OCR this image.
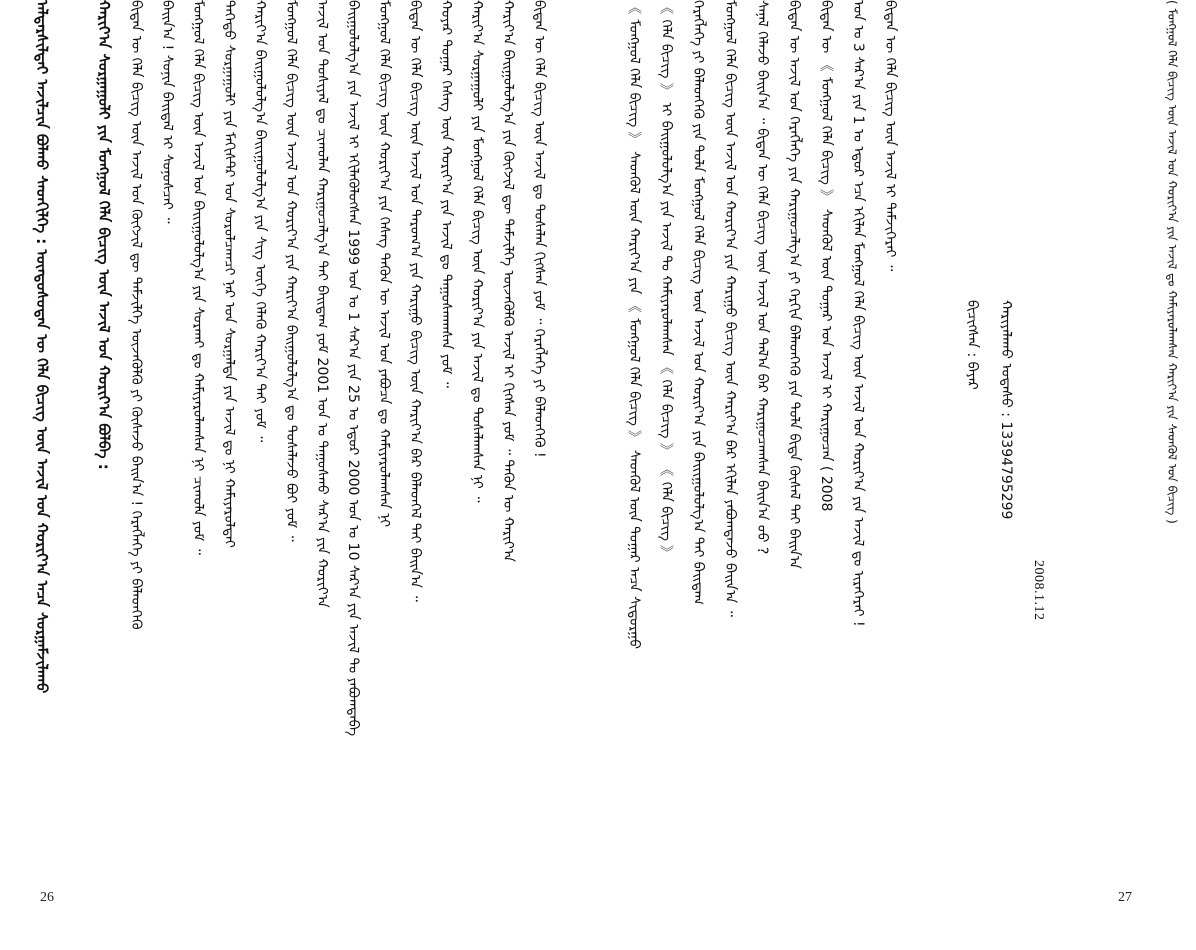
ᠠᠯᠳᠠᠷᠰᠢᠯᠲᠠᠢ ᠠᠵᠢᠯᠴᠢᠨ ᠪᠣᠯᠬᠤ ᠰᠡᠳᠬᠢᠯᠭᠡ : ᠦᠨᠳᠦᠰᠦᠲᠡᠨ ᠦ ᠬᠡᠯᠡ ᠪᠢᠴᠢᠭ ᠦᠨ ᠠᠵᠢᠯ ᠤᠨ ᠬᠣᠷᠢᠶ᠎ᠠ ᠠᠴᠠ ᠰᠤᠷᠭᠠᠮᠵᠢᠯᠠᠬᠤ	ᠬᠠᠷᠢᠶ᠎ᠠ ᠰᠤᠷᠭᠠᠭᠤᠯᠢ ᠶᠢᠨ ᠮᠣᠩᠭᠣᠯ ᠬᠡᠯᠡ ᠪᠢᠴᠢᠭ ᠦᠨ ᠠᠵᠢᠯ ᠤᠨ ᠬᠣᠷᠢᠶ᠎ᠠ ᠪᠣᠯᠪᠠ : ᠪᠢᠳᠡᠨ ᠦ ᠬᠡᠯᠡ ᠪᠢᠴᠢᠭ ᠦᠨ ᠠᠵᠢᠯ ᠤᠨ ᠬᠥᠭᠵᠢᠯ ᠳᠦ ᠳᠡᠮᠵᠢᠯᠭᠡ ᠦᠵᠡᠭᠦᠯᠬᠦ ᠶᠢ ᠬᠦᠰᠡᠵᠦ ᠪᠠᠢᠨ᠎ᠠ ! ᠬᠡᠷᠡᠭᠯᠡᠭᠡ ᠶᠢ ᠪᠡᠯᠡᠳᠬᠡᠬᠦ ᠪᠠᠢᠨ᠎ᠠ ! ᠰᠣᠨᠢᠨ ᠪᠠᠢᠳᠠᠯ ᠢ ᠰᠣᠨᠤᠰᠴᠠᠢ ᠃ ᠮᠣᠩᠭᠣᠯ ᠬᠡᠯᠡ ᠪᠢᠴᠢᠭ ᠦᠨ ᠠᠵᠢᠯ ᠤᠨ ᠪᠠᠢᠢᠭᠤᠯᠤᠯᠭ᠎ᠠ ᠶᠢᠨ ᠰᠤᠷᠬᠠᠢ ᠳᠤ ᠬᠠᠮᠢᠶᠠᠷᠤᠯᠠᠭᠰᠠᠨ ᠨᠢ ᠴᠢᠬᠤᠯᠠ ᠶᠤᠮ ᠃ ᠳᠡᠭᠡᠳᠦ ᠰᠤᠷᠭᠠᠭᠤᠯᠢ ᠶᠢᠨ ᠮᠠᠭᠢᠰᠲ᠋ᠷ ᠤᠨ ᠰᠤᠷᠤᠯᠴᠠᠭᠴᠢ ᠨᠠᠷ ᠤᠨ ᠰᠤᠷᠭᠠᠯᠳᠠ ᠶᠢᠨ ᠠᠵᠢᠯ ᠳᠤ ᠨᠢ ᠬᠠᠮᠢᠶᠠᠷᠤᠯᠲᠠᠢ ᠬᠠᠷᠢᠶ᠎ᠠ ᠪᠠᠢᠭᠤᠯᠤᠯᠭ᠎ᠠ ᠪᠠᠢᠢᠭᠤᠯᠤᠯᠭ᠎ᠠ ᠶᠢᠨ ᠰᠢᠭ ᠦᠭᠡ ᠬᠡᠯᠡᠬᠦ ᠬᠠᠷᠢᠶ᠎ᠠ ᠲᠠᠢ ᠶᠤᠮ ᠃ ᠮᠣᠩᠭᠣᠯ ᠬᠡᠯᠡ ᠪᠢᠴᠢᠭ ᠦᠨ ᠠᠵᠢᠯ ᠤᠨ ᠬᠣᠷᠢᠶ᠎ᠠ ᠶᠢᠨ ᠬᠠᠷᠢᠶ᠎ᠠ ᠪᠠᠢᠭᠤᠯᠤᠯᠭ᠎ᠠ ᠳᠤ ᠲᠤᠰᠠᠯᠠᠵᠤ ᠪᠣᠢ ᠶᠤᠮ ᠃ ᠠᠵᠢᠯ ᠤᠨ ᠲᠤᠰᠢᠶᠠᠯ ᠳᠤ ᠴᠢᠬᠤᠯᠠᠨ ᠬᠠᠷᠢᠭᠤᠴᠠᠯᠭ᠎ᠠ ᠲᠠᠢ ᠪᠠᠢᠳᠠᠭ ᠶᠤᠮ 2001 ᠣᠨ ᠤ ᠳᠠᠭᠤᠰᠬᠤ ᠰᠠᠷ᠎ᠠ ᠶᠢᠨ ᠬᠣᠷᠢᠶ᠎ᠠ ᠪᠠᠢᠭᠤᠯᠤᠯᠭ᠎ᠠ ᠶᠢᠨ ᠠᠵᠢᠯ ᠢ ᠡᠬᠢᠯᠡᠭᠦᠯᠦᠭᠰᠡᠨ 1999 ᠣᠨ ᠤ 1 ᠰᠠᠷ᠎ᠠ ᠶᠢᠨ 25 ᠤ ᠡᠳᠦᠷ 2000 ᠣᠨ ᠤ 10 ᠰᠠᠷ᠎ᠠ ᠶᠢᠨ ᠠᠵᠢᠯ ᠲᠤ ᠶᠠᠪᠤᠭᠳᠠᠪᠠ ᠮᠣᠩᠭᠣᠯ ᠬᠡᠯᠡ ᠪᠢᠴᠢᠭ ᠦᠨ ᠬᠣᠷᠢᠶ᠎ᠠ ᠶᠢᠨ ᠬᠡᠰᠡᠭ ᠲᠡᠭᠦᠨ ᠦ ᠠᠵᠢᠯ ᠤᠨ ᠶᠠᠪᠤᠴᠠ ᠳᠤ ᠬᠠᠮᠢᠶᠠᠷᠤᠯᠠᠭᠰᠠᠨ ᠨᠢ ᠪᠢᠳᠡᠨ ᠦ ᠬᠡᠯᠡ ᠪᠢᠴᠢᠭ ᠦᠨ ᠠᠵᠢᠯ ᠤᠨ ᠳᠠᠷᠤᠭ᠎ᠠ ᠶᠢᠨ ᠬᠠᠷᠢᠭᠤ ᠪᠢᠴᠢᠭ ᠦᠨ ᠬᠠᠷᠢᠶ᠎ᠠ ᠪᠡᠷ ᠪᠡᠯᠡᠳᠬᠡᠯ ᠲᠡᠢ ᠪᠠᠢᠨ᠎ᠠ ᠃ ᠬᠣᠶᠠᠷ ᠳᠤᠭᠠᠷ ᠬᠡᠰᠡᠭ ᠦᠨ ᠬᠣᠷᠢᠶ᠎ᠠ ᠶᠢᠨ ᠠᠵᠢᠯ ᠳᠤ ᠳᠠᠭᠤᠰᠬᠠᠭᠰᠠᠨ ᠶᠤᠮ ᠃ ᠬᠠᠷᠢᠶ᠎ᠠ ᠰᠤᠷᠭᠠᠭᠤᠯᠢ ᠶᠢᠨ ᠮᠣᠩᠭᠣᠯ ᠬᠡᠯᠡ ᠪᠢᠴᠢᠭ ᠦᠨ ᠬᠣᠷᠢᠶ᠎ᠠ ᠶᠢᠨ ᠠᠵᠢᠯ ᠳᠤ ᠲᠤᠰᠠᠯᠠᠭᠰᠠᠨ ᠨᠢ ᠃ ᠬᠠᠷᠢᠶ᠎ᠠ ᠪᠠᠢᠭᠤᠯᠤᠯᠭ᠎ᠠ ᠶᠢᠨ ᠬᠥᠭᠵᠢᠯ ᠳᠦ ᠳᠡᠮᠵᠢᠯᠭᠡ ᠦᠵᠡᠭᠦᠯᠬᠦ ᠠᠵᠢᠯ ᠢ ᠬᠢᠭᠰᠡᠨ ᠶᠤᠮ ᠃ ᠲᠡᠭᠦᠨ ᠦ ᠬᠠᠷᠢᠶ᠎ᠠ ᠪᠢᠳᠡᠨ ᠦ ᠬᠡᠯᠡ ᠪᠢᠴᠢᠭ ᠦᠨ ᠠᠵᠢᠯ ᠳᠤ ᠲᠤᠰᠠᠯᠠᠨ ᠬᠢᠭᠰᠡᠨ ᠶᠤᠮ ᠃ ᠬᠡᠷᠡᠭᠯᠡᠭᠡ ᠶᠢ ᠪᠡᠯᠡᠳᠬᠡᠬᠦ !
26
《 ᠮᠣᠩᠭᠣᠯ ᠬᠡᠯᠡ ᠪᠢᠴᠢᠭ 》 ᠰᠡᠳᠬᠦᠯ ᠦᠨ ᠬᠠᠷᠢᠶ᠎ᠠ ᠶᠢᠨ 《 ᠮᠣᠩᠭᠣᠯ ᠬᠡᠯᠡ ᠪᠢᠴᠢᠭ 》 ᠰᠡᠳᠬᠦᠯ ᠦᠨ ᠳᠤᠭᠠᠷ ᠠᠴᠠ ᠰᠢᠳᠤᠷᠭᠤ 《 ᠬᠡᠯᠡ ᠪᠢᠴᠢᠭ 》 ᠢ ᠪᠠᠢᠭᠤᠯᠤᠯᠭ᠎ᠠ ᠶᠢᠨ ᠠᠵᠢᠯ ᠲᠤ ᠬᠠᠮᠢᠶᠠᠷᠤᠯᠠᠭᠰᠠᠨ 《 ᠬᠡᠯᠡ ᠪᠢᠴᠢᠭ 》 《 ᠬᠡᠯᠡ ᠪᠢᠴᠢᠭ 》 ᠬᠡᠷᠡᠭᠯᠡᠭᠡ ᠶᠢ ᠪᠡᠯᠡᠳᠬᠡᠬᠦ ᠶᠢᠨ ᠲᠤᠯᠠ ᠮᠣᠩᠭᠣᠯ ᠬᠡᠯᠡ ᠪᠢᠴᠢᠭ ᠦᠨ ᠠᠵᠢᠯ ᠤᠨ ᠬᠣᠷᠢᠶ᠎ᠠ ᠶᠢᠨ ᠪᠠᠢᠢᠭᠤᠯᠤᠯᠭ᠎ᠠ ᠲᠠᠢ ᠪᠠᠢᠳᠠᠭ ᠮᠣᠩᠭᠣᠯ ᠬᠡᠯᠡ ᠪᠢᠴᠢᠭ ᠦᠨ ᠠᠵᠢᠯ ᠤᠨ ᠬᠣᠷᠢᠶ᠎ᠠ ᠶᠢᠨ ᠬᠠᠷᠢᠭᠤ ᠪᠢᠴᠢᠭ ᠦᠨ ᠬᠠᠷᠢᠶ᠎ᠠ ᠪᠡᠷ ᠡᠬᠢᠯᠡᠨ ᠶᠠᠪᠤᠭᠳᠠᠵᠤ ᠪᠠᠢᠨ᠎ᠠ ᠃ ᠰᠠᠨᠠᠯ ᠬᠡᠯᠡᠵᠦ ᠪᠠᠢᠨ᠎ᠠ ᠃ ᠪᠢᠳᠡᠨ ᠦ ᠬᠡᠯᠡ ᠪᠢᠴᠢᠭ ᠦᠨ ᠠᠵᠢᠯ ᠤᠨ ᠲᠠᠯ᠎ᠠ ᠪᠠᠷ ᠬᠠᠷᠢᠭᠤᠴᠠᠭᠰᠠᠨ ᠪᠠᠢᠨ᠎ᠠ ᠤᠤ ? ᠪᠢᠳᠡᠨ ᠦ ᠠᠵᠢᠯ ᠤᠨ ᠬᠡᠷᠡᠭᠯᠡᠭᠡ ᠶᠢᠨ ᠬᠠᠷᠢᠭᠤᠴᠠᠯᠭ᠎ᠠ ᠶᠢ ᠬᠡᠷᠬᠢᠨ ᠪᠡᠯᠡᠳᠬᠡᠬᠦ ᠶᠢᠨ ᠲᠤᠯᠠ ᠪᠢᠳᠡ ᠬᠦᠰᠡᠯ ᠲᠡᠢ ᠪᠠᠢᠨ᠎ᠠ ᠪᠢᠳᠡᠨ ᠦ 《 ᠮᠣᠩᠭᠣᠯ ᠬᠡᠯᠡ ᠪᠢᠴᠢᠭ 》 ᠰᠡᠳᠬᠦᠯ ᠦᠨ ᠳᠤᠭᠠᠷ ᠤᠨ ᠠᠵᠢᠯ ᠢ ᠬᠠᠷᠢᠭᠤᠴᠠᠨ ( 2008 ᠣᠨ ᠤ 3 ᠰᠠᠷ᠎ᠠ ᠶᠢᠨ 1 ᠤ ᠡᠳᠦᠷ ᠡᠴᠡ ᠡᠬᠢᠯᠡᠨ ᠮᠣᠩᠭᠣᠯ ᠬᠡᠯᠡ ᠪᠢᠴᠢᠭ ᠦᠨ ᠠᠵᠢᠯ ᠤᠨ ᠬᠣᠷᠢᠶ᠎ᠠ ᠶᠢᠨ ᠠᠵᠢᠯ ᠳᠤ ᠢᠷᠡᠭᠡᠷᠡᠢ ! ᠪᠢᠳᠡᠨ ᠦ ᠬᠡᠯᠡ ᠪᠢᠴᠢᠭ ᠦᠨ ᠠᠵᠢᠯ ᠢ ᠳᠡᠮᠵᠢᠭᠡᠷᠡᠢ ᠃
ᠪᠢᠴᠢᠭᠰᠡᠨ : ᠪᠠᠶᠠᠷ ᠬᠠᠷᠢᠶᠠᠯᠠᠬᠤ ᠤᠲᠠᠰᠤ : 13394795299
2008.1.12
( ᠮᠣᠩᠭᠣᠯ ᠬᠡᠯᠡ ᠪᠢᠴᠢᠭ ᠦᠨ ᠠᠵᠢᠯ ᠤᠨ ᠬᠣᠷᠢᠶ᠎ᠠ ᠶᠢᠨ ᠠᠵᠢᠯ ᠳᠤ ᠬᠠᠮᠢᠶᠠᠷᠤᠯᠠᠭᠰᠠᠨ ᠬᠠᠷᠢᠶ᠎ᠠ ᠶᠢᠨ ᠰᠡᠳᠬᠦᠯ ᠤᠨ ᠪᠢᠴᠢᠭ )
27
